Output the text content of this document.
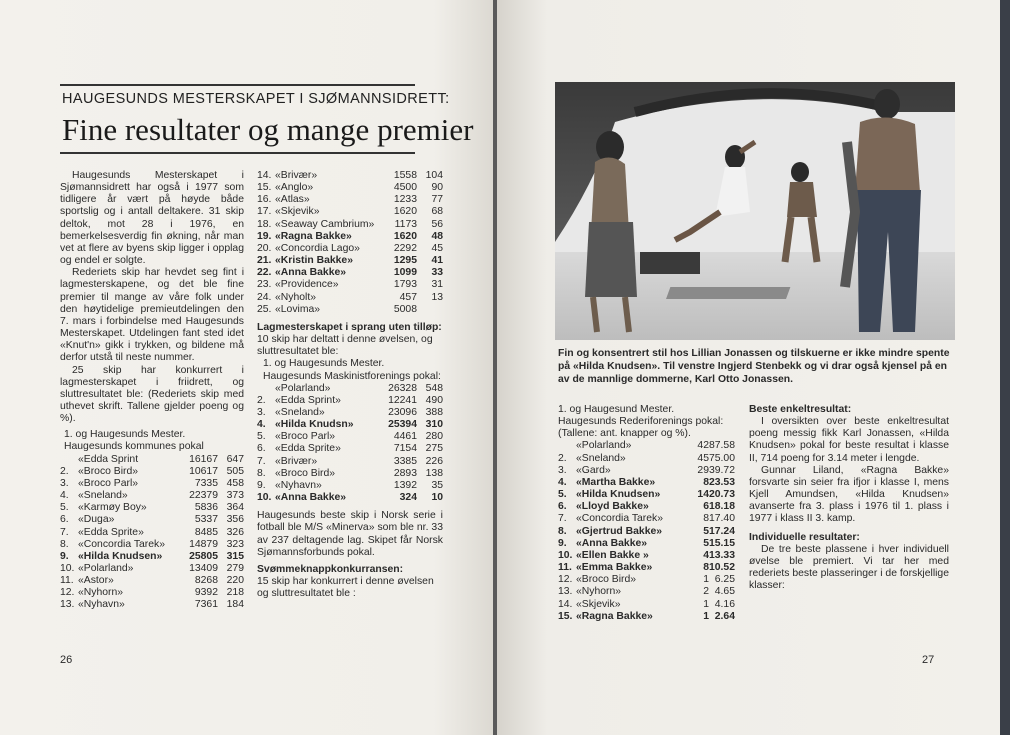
HAUGESUNDS MESTERSKAPET I SJØMANNSIDRETT:
Fine resultater og mange premier

Haugesunds Mesterskapet i Sjømannsidrett har også i 1977 som tidligere år vært på høyde både sportslig og i antall deltakere. 31 skip deltok, mot 28 i 1976, en bemerkelsesverdig fin økning, når man vet at flere av byens skip ligger i opplag og endel er solgte.

Rederiets skip har hevdet seg fint i lagmesterskapene, og det ble fine premier til mange av våre folk under den høytidelige premieutdelingen den 7. mars i forbindelse med Haugesunds Mesterskapet. Utdelingen fant sted idet «Knut'n» gikk i trykken, og bildene må derfor utstå til neste nummer.

25 skip har konkurrert i lagmesterskapet i friidrett, og sluttresultatet ble: (Rederiets skip med uthevet skrift. Tallene gjelder poeng og %).

1. og Haugesunds Mester. Haugesunds kommunes pokal
	«Edda Sprint	16167	647
2.	«Broco Bird»	10617	505
3.	«Broco Parl»	7335	458
4.	«Sneland»	22379	373
5.	«Karmøy Boy»	5836	364
6.	«Duga»	5337	356
7.	«Edda Sprite»	8485	326
8.	«Concordia Tarek»	14879	323
9.	«Hilda Knudsen»	25805	315
10.	«Polarland»	13409	279
11.	«Astor»	8268	220
12.	«Nyhorn»	9392	218
13.	«Nyhavn»	7361	184
14.	«Brivær»	1558	104
15.	«Anglo»	4500	90
16.	«Atlas»	1233	77
17.	«Skjevik»	1620	68
18.	«Seaway Cambrium»	1173	56
19.	«Ragna Bakke»	1620	48
20.	«Concordia Lago»	2292	45
21.	«Kristin Bakke»	1295	41
22.	«Anna Bakke»	1099	33
23.	«Providence»	1793	31
24.	«Nyholt»	457	13
25.	«Lovima»	5008	
Lagmesterskapet i sprang uten tilløp:
10 skip har deltatt i denne øvelsen, og sluttresultatet ble:
1. og Haugesunds Mester. Haugesunds Maskinistforenings pokal:
	«Polarland»	26328	548
2.	«Edda Sprint»	12241	490
3.	«Sneland»	23096	388
4.	«Hilda Knudsn»	25394	310
5.	«Broco Parl»	4461	280
6.	«Edda Sprite»	7154	275
7.	«Brivær»	3385	226
8.	«Broco Bird»	2893	138
9.	«Nyhavn»	1392	35
10.	«Anna Bakke»	324	10
Haugesunds beste skip i Norsk serie i fotball ble M/S «Minerva» som ble nr. 33 av 237 deltagende lag. Skipet får Norsk Sjømannsforbunds pokal.
Svømmeknappkonkurransen:
15 skip har konkurrert i denne øvelsen og sluttresultatet ble :
26
Fin og konsentrert stil hos Lillian Jonassen og tilskuerne er ikke mindre spente på «Hilda Knudsen». Til venstre Ingjerd Stenbekk og vi drar også kjensel på en av de mannlige dommerne, Karl Otto Jonassen.
1. og Haugesund Mester. Haugesunds Rederiforenings pokal: (Tallene: ant. knapper og %).
	«Polarland»	42	87.58
2.	«Sneland»	45	75.00
3.	«Gard»	29	39.72
4.	«Martha Bakke»	8	23.53
5.	«Hilda Knudsen»	14	20.73
6.	«Lloyd Bakke»	6	18.18
7.	«Concordia Tarek»	8	17.40
8.	«Gjertrud Bakke»	5	17.24
9.	«Anna Bakke»	5	15.15
10.	«Ellen Bakke »	4	13.33
11.	«Emma Bakke»	8	10.52
12.	«Broco Bird»	1	6.25
13.	«Nyhorn»	2	4.65
14.	«Skjevik»	1	4.16
15.	«Ragna Bakke»	1	2.64
Beste enkeltresultat:

I oversikten over beste enkeltresultat poeng messig fikk Karl Jonassen, «Hilda Knudsen» pokal for beste resultat i klasse II, 714 poeng for 3.14 meter i lengde.

Gunnar Liland, «Ragna Bakke» forsvarte sin seier fra ifjor i klasse I, mens Kjell Amundsen, «Hilda Knudsen» avanserte fra 3. plass i 1976 til 1. plass i 1977 i klass II 3. kamp.

Individuelle resultater:

De tre beste plassene i hver individuell øvelse ble premiert. Vi tar her med rederiets beste plasseringer i de forskjellige klasser:

27
